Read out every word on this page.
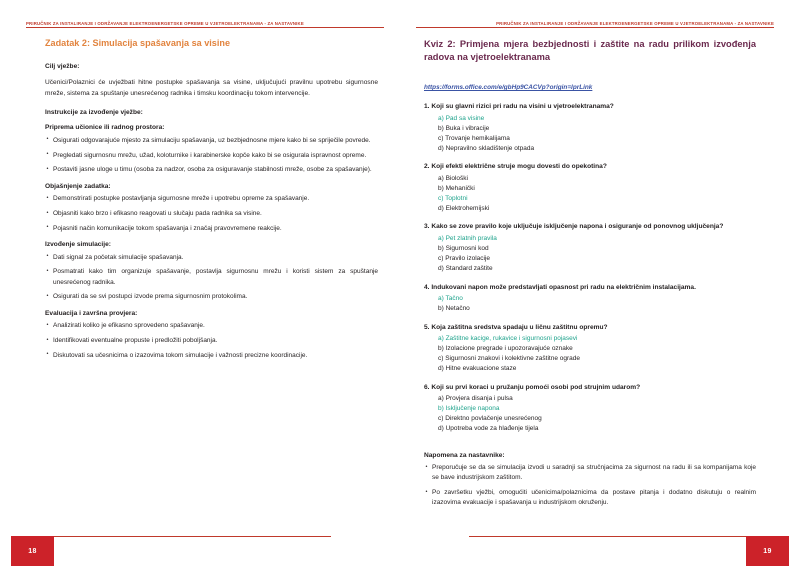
PRIRUČNIK ZA INSTALIRANJE I ODRŽAVANJE ELEKTROENERGETSKE OPREME U VJETROELEKTRANAMA - ZA NASTAVNIKE
Zadatak 2: Simulacija spašavanja sa visine
Cilj vježbe:

Učenici/Polaznici će uvježbati hitne postupke spašavanja sa visine, uključujući pravilnu upotrebu sigurnosne mreže, sistema za spuštanje unesrećenog radnika i timsku koordinaciju tokom intervencije.

Instrukcije za izvođenje vježbe:
Priprema učionice ili radnog prostora:
• Osigurati odgovarajuće mjesto za simulaciju spašavanja, uz bezbjednosne mjere kako bi se spriječile povrede.
• Pregledati sigurnosnu mrežu, užad, koloturnike i karabinerske kopče kako bi se osigurala ispravnost opreme.
• Postaviti jasne uloge u timu (osoba za nadzor, osoba za osiguravanje stabilnosti mreže, osobe za spašavanje).
Objašnjenje zadatka:
• Demonstrirati postupke postavljanja sigurnosne mreže i upotrebu opreme za spašavanje.
• Objasniti kako brzo i efikasno reagovati u slučaju pada radnika sa visine.
• Pojasniti način komunikacije tokom spašavanja i značaj pravovremene reakcije.
Izvođenje simulacije:
• Dati signal za početak simulacije spašavanja.
• Posmatrati kako tim organizuje spašavanje, postavlja sigurnosnu mrežu i koristi sistem za spuštanje unesrećenog radnika.
• Osigurati da se svi postupci izvode prema sigurnosnim protokolima.
Evaluacija i završna provjera:
• Analizirati koliko je efikasno sprovedeno spašavanje.
• Identifikovati eventualne propuste i predložiti poboljšanja.
• Diskutovati sa učesnicima o izazovima tokom simulacije i važnosti precizne koordinacije.
18
PRIRUČNIK ZA INSTALIRANJE I ODRŽAVANJE ELEKTROENERGETSKE OPREME U VJETROELEKTRANAMA - ZA NASTAVNIKE
Kviz 2: Primjena mjera bezbjednosti i zaštite na radu prilikom izvođenja radova na vjetroelektranama
https://forms.office.com/e/gbHp9CACVp?origin=lprLink
1. Koji su glavni rizici pri radu na visini u vjetroelektranama?
a) Pad sa visine
b) Buka i vibracije
c) Trovanje hemikalijama
d) Nepravilno skladištenje otpada
2. Koji efekti električne struje mogu dovesti do opekotina?
a) Biološki
b) Mehanički
c) Toplotni
d) Elektrohemijski
3. Kako se zove pravilo koje uključuje isključenje napona i osiguranje od ponovnog uključenja?
a) Pet zlatnih pravila
b) Sigurnosni kod
c) Pravilo izolacije
d) Standard zaštite
4. Indukovani napon može predstavljati opasnost pri radu na električnim instalacijama.
a) Tačno
b) Netačno
5. Koja zaštitna sredstva spadaju u ličnu zaštitnu opremu?
a) Zaštitne kacige, rukavice i sigurnosni pojasevi
b) Izolacione pregrade i upozoravajuće oznake
c) Sigurnosni znakovi i kolektivne zaštitne ograde
d) Hitne evakuacione staze
6. Koji su prvi koraci u pružanju pomoći osobi pod strujnim udarom?
a) Provjera disanja i pulsa
b) Isključenje napona
c) Direktno povlačenje unesrećenog
d) Upotreba vode za hlađenje tijela
Napomena za nastavnike:
• Preporučuje se da se simulacija izvodi u saradnji sa stručnjacima za sigurnost na radu ili sa kompanijama koje se bave industrijskom zaštitom.
• Po završetku vježbi, omogućiti učenicima/polaznicima da postave pitanja i dodatno diskutuju o realnim izazovima evakuacije i spašavanja u industrijskom okruženju.
19
